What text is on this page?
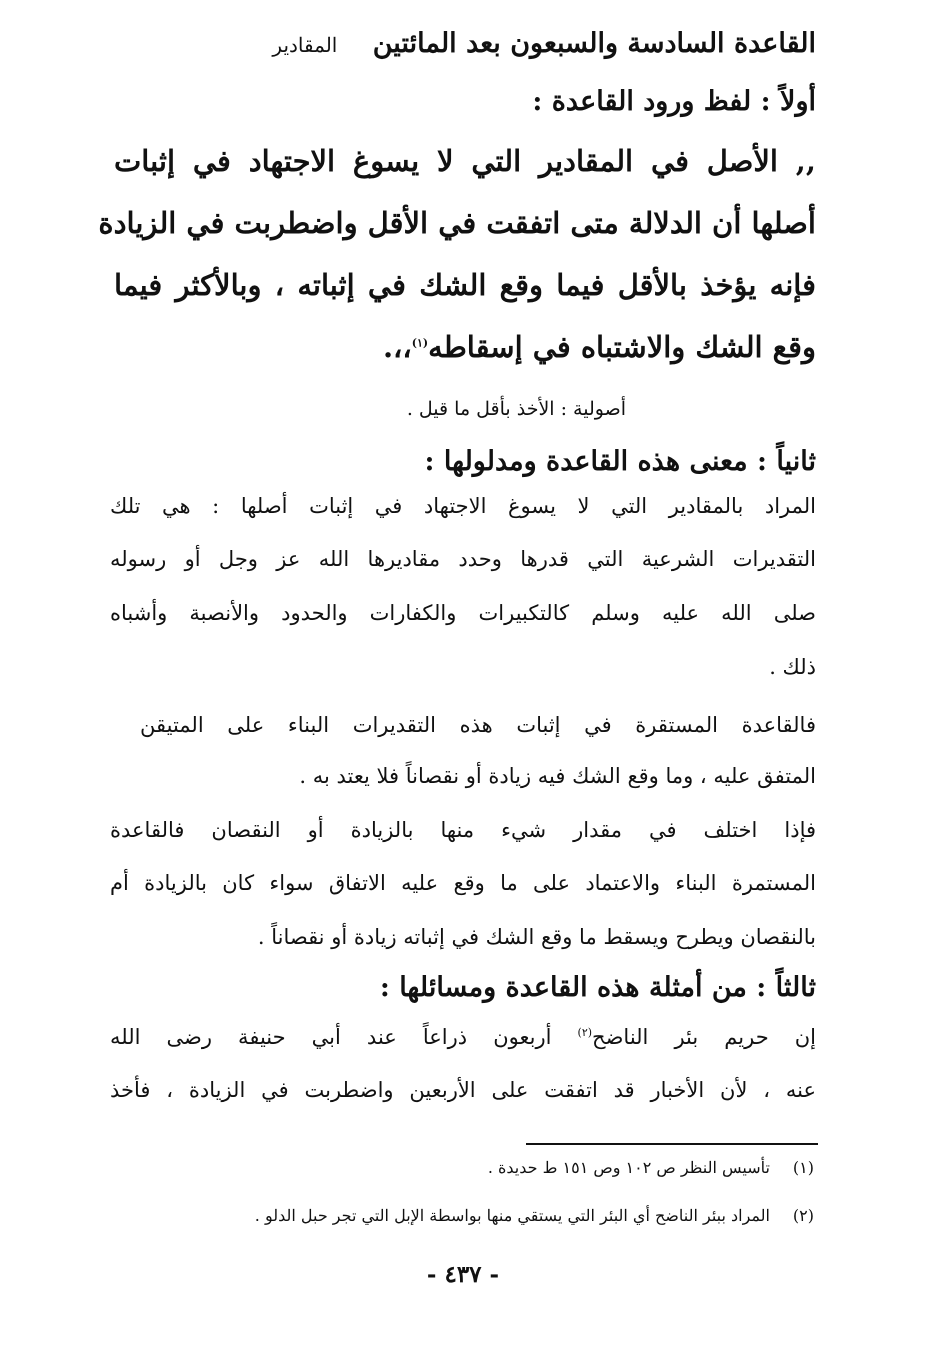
القاعدة السادسة والسبعون بعد المائتين المقادير
أولاً : لفظ ورود القاعدة :
,, الأصل في المقادير التي لا يسوغ الاجتهاد في إثبات
أصلها أن الدلالة متى اتفقت في الأقل واضطربت في الزيادة
فإنه يؤخذ بالأقل فيما وقع الشك في إثباته ، وبالأكثر فيما
وقع الشك والاشتباه في إسقاطه$^{(١)}$،،.
أصولية : الأخذ بأقل ما قيل .
ثانياً : معنى هذه القاعدة ومدلولها :
المراد بالمقادير التي لا يسوغ الاجتهاد في إثبات أصلها : هي تلك
التقديرات الشرعية التي قدرها وحدد مقاديرها الله عز وجل أو رسوله
صلى الله عليه وسلم كالتكبيرات والكفارات والحدود والأنصبة وأشباه
ذلك .
فالقاعدة المستقرة في إثبات هذه التقديرات البناء على المتيقن
المتفق عليه ، وما وقع الشك فيه زيادة أو نقصاناً فلا يعتد به .
فإذا اختلف في مقدار شيء منها بالزيادة أو النقصان فالقاعدة
المستمرة البناء والاعتماد على ما وقع عليه الاتفاق سواء كان بالزيادة أم
بالنقصان ويطرح ويسقط ما وقع الشك في إثباته زيادة أو نقصاناً .
ثالثاً : من أمثلة هذه القاعدة ومسائلها :
إن حريم بئر الناضح$^{(٢)}$ أربعون ذراعاً عند أبي حنيفة رضى الله
عنه ، لأن الأخبار قد اتفقت على الأربعين واضطربت في الزيادة ، فأخذ
(١)تأسيس النظر ص ١٠٢ وص ١٥١ ط حديدة .
(٢)المراد ببئر الناضح أي البئر التي يستقي منها بواسطة الإبل التي تجر حبل الدلو .
- ٤٣٧ -
